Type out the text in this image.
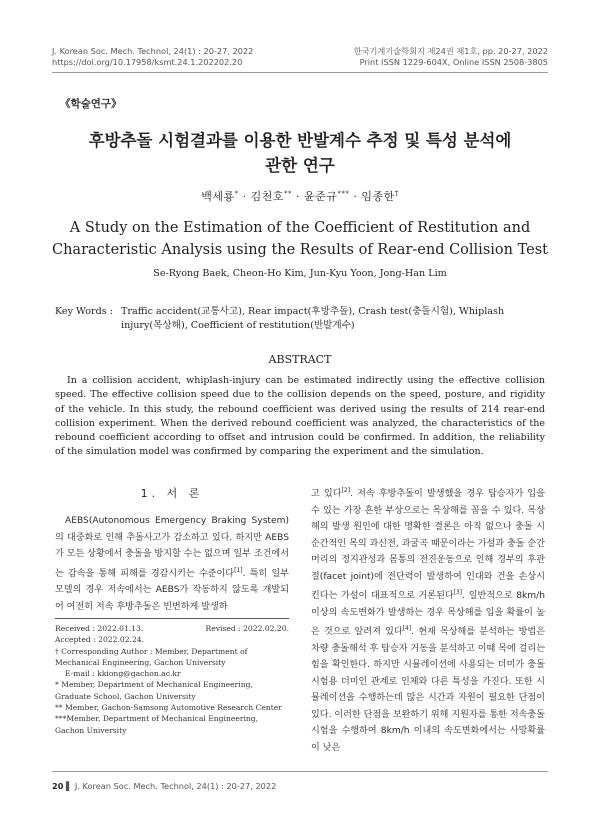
J. Korean Soc. Mech. Technol, 24(1) : 20-27, 2022
https://doi.org/10.17958/ksmt.24.1.202202.20
한국기계기술학회지 제24권 제1호, pp. 20-27, 2022
Print ISSN 1229-604X, Online ISSN 2508-3805
《학술연구》
후방추돌 시험결과를 이용한 반발계수 추정 및 특성 분석에
관한 연구
백세룡* · 김천호** · 윤준규*** · 임종한†
A Study on the Estimation of the Coefficient of Restitution and
Characteristic Analysis using the Results of Rear-end Collision Test
Se-Ryong Baek, Cheon-Ho Kim, Jun-Kyu Yoon, Jong-Han Lim
Key Words : Traffic accident(교통사고), Rear impact(후방추돌), Crash test(충돌시험), Whiplash injury(목상해), Coefficient of restitution(반발계수)
ABSTRACT

In a collision accident, whiplash-injury can be estimated indirectly using the effective collision speed. The effective collision speed due to the collision depends on the speed, posture, and rigidity of the vehicle. In this study, the rebound coefficient was derived using the results of 214 rear-end collision experiment. When the derived rebound coefficient was analyzed, the characteristics of the rebound coefficient according to offset and intrusion could be confirmed. In addition, the reliability of the simulation model was confirmed by comparing the experiment and the simulation.

1. 서 론

AEBS(Autonomous Emergency Braking System)의 대중화로 인해 추돌사고가 감소하고 있다. 하지만 AEBS가 모든 상황에서 충돌을 방지할 수는 없으며 일부 조건에서는 감속을 통해 피해를 경감시키는 수준이다[1]. 특히 일부 모델의 경우 저속에서는 AEBS가 작동하지 않도록 개발되어 여전히 저속 후방추돌은 빈번하게 발생하

Received : 2022.01.13.	Revised : 2022.02.20.
Accepted : 2022.02.24.
† Corresponding Author : Member, Department of Mechanical Engineering, Gachon University
E-mail : kkiong@gachon.ac.kr
* Member, Department of Mechanical Engineering, Graduate School, Gachon University
** Member, Gachon-Samsong Automotive Research Center
***Member, Department of Mechanical Engineering, Gachon University

고 있다[2]. 저속 후방추돌이 발생했을 경우 탑승자가 입을 수 있는 가장 흔한 부상으로는 목상해를 꼽을 수 있다. 목상해의 발생 원인에 대한 명확한 결론은 아직 없으나 충돌 시 순간적인 목의 과신전, 과굴곡 때문이라는 가설과 충돌 순간 머리의 정지관성과 몸통의 전진운동으로 인해 경부의 후관절(facet joint)에 전단력이 발생하여 인대와 건을 손상시킨다는 가설이 대표적으로 거론된다[3]. 일반적으로 8km/h이상의 속도변화가 발생하는 경우 목상해를 입을 확률이 높은 것으로 알려져 있다[4]. 현재 목상해를 분석하는 방법은 차량 충돌해석 후 탑승자 거동을 분석하고 이때 목에 걸리는 힘을 확인한다. 하지만 시뮬레이션에 사용되는 더미가 충돌시험용 더미인 관계로 인체와 다른 특성을 가진다. 또한 시뮬레이션을 수행하는데 많은 시간과 자원이 필요한 단점이 있다. 이러한 단점을 보완하기 위해 지원자를 통한 저속충돌시험을 수행하여 8km/h 이내의 속도변화에서는 사망확률이 낮은

20 ▌ J. Korean Soc. Mech. Technol, 24(1) : 20-27, 2022
